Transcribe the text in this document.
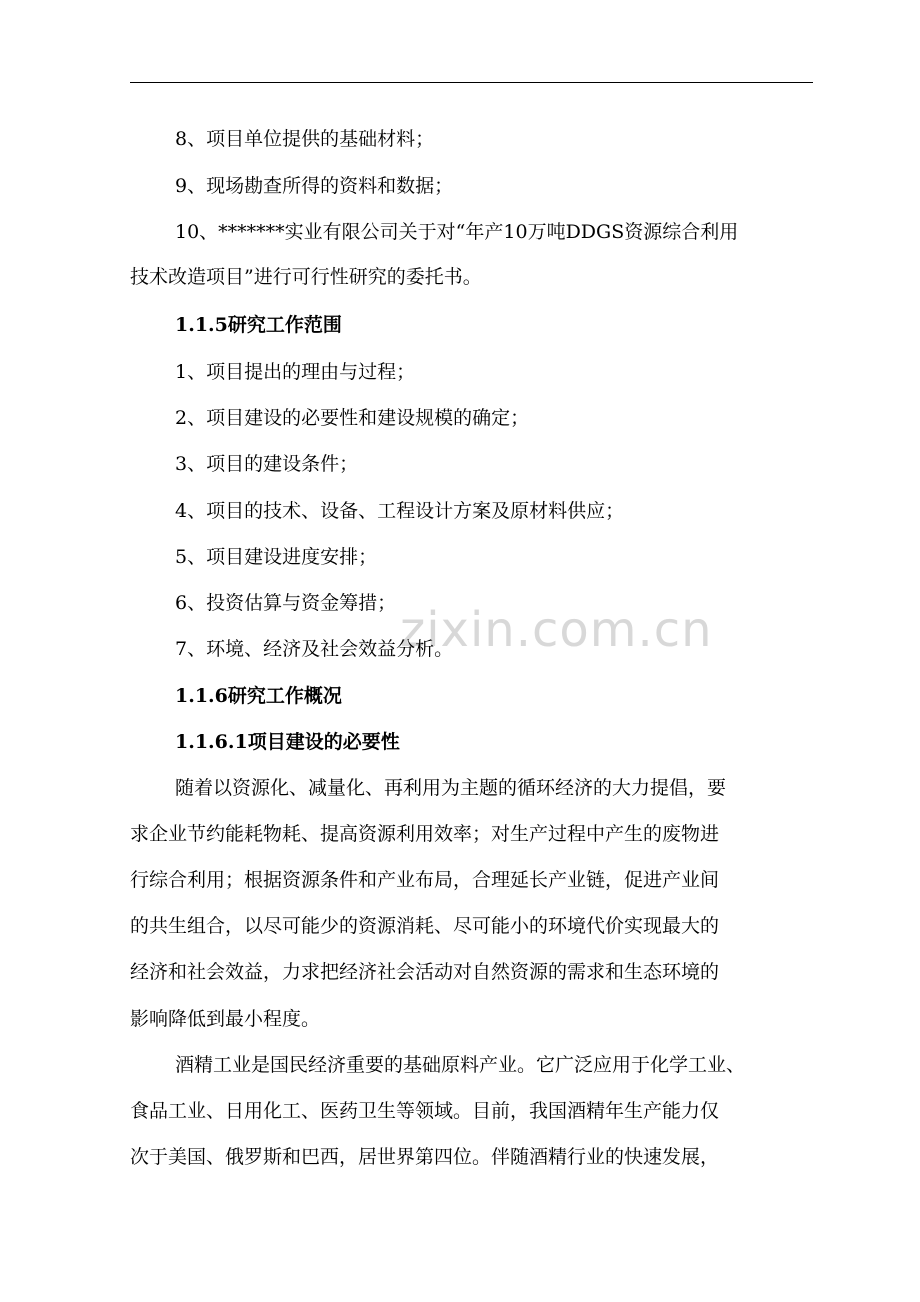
zixin.com.cn
8、项目单位提供的基础材料；
9、现场勘查所得的资料和数据；
10、*******实业有限公司关于对“年产10万吨DDGS资源综合利用
技术改造项目”进行可行性研究的委托书。
1.1.5研究工作范围
1、项目提出的理由与过程；
2、项目建设的必要性和建设规模的确定；
3、项目的建设条件；
4、项目的技术、设备、工程设计方案及原材料供应；
5、项目建设进度安排；
6、投资估算与资金筹措；
7、环境、经济及社会效益分析。
1.1.6研究工作概况
1.1.6.1项目建设的必要性
随着以资源化、减量化、再利用为主题的循环经济的大力提倡，要
求企业节约能耗物耗、提高资源利用效率；对生产过程中产生的废物进
行综合利用；根据资源条件和产业布局，合理延长产业链，促进产业间
的共生组合，以尽可能少的资源消耗、尽可能小的环境代价实现最大的
经济和社会效益，力求把经济社会活动对自然资源的需求和生态环境的
影响降低到最小程度。
酒精工业是国民经济重要的基础原料产业。它广泛应用于化学工业、
食品工业、日用化工、医药卫生等领域。目前，我国酒精年生产能力仅
次于美国、俄罗斯和巴西，居世界第四位。伴随酒精行业的快速发展，
